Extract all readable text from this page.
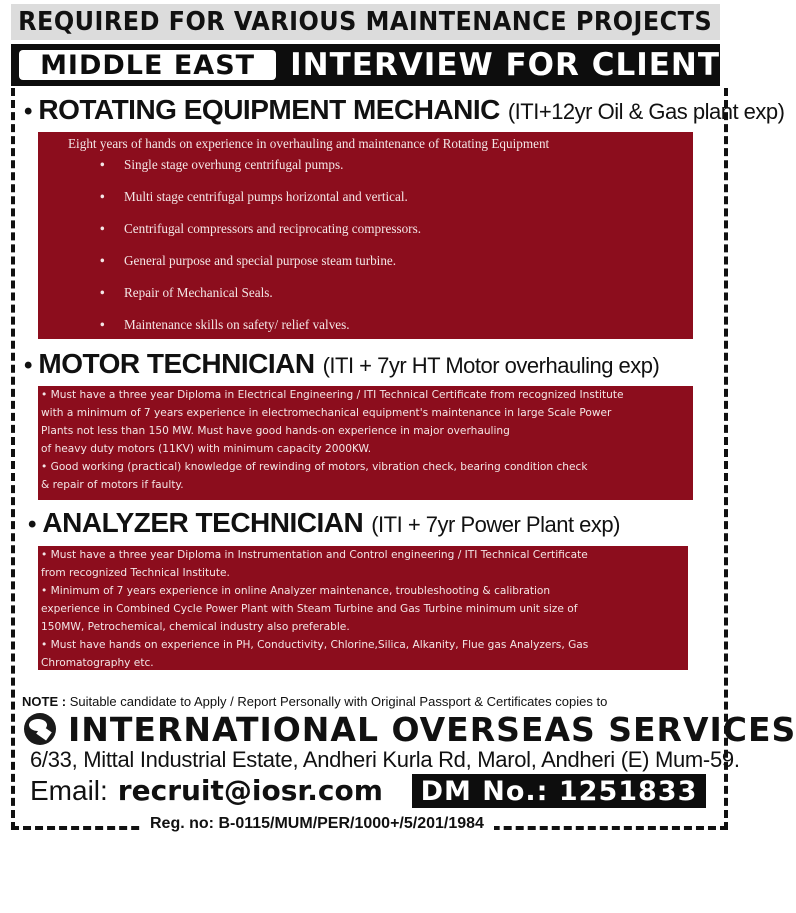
REQUIRED FOR VARIOUS MAINTENANCE PROJECTS
MIDDLE EAST INTERVIEW FOR CLIENT
• ROTATING EQUIPMENT MECHANIC (ITI+12yr Oil & Gas plant exp)
Eight years of hands on experience in overhauling and maintenance of Rotating Equipment
•	Single stage overhung centrifugal pumps.
•	Multi stage centrifugal pumps horizontal and vertical.
•	Centrifugal compressors and reciprocating compressors.
•	General purpose and special purpose steam turbine.
•	Repair of Mechanical Seals.
•	Maintenance skills on safety/ relief valves.
• MOTOR TECHNICIAN (ITI + 7yr HT Motor overhauling exp)
• Must have a three year Diploma in Electrical Engineering / ITI Technical Certificate from recognized Institute
with a minimum of 7 years experience in electromechanical equipment's maintenance in large Scale Power
Plants not less than 150 MW. Must have good hands-on experience in major overhauling
of heavy duty motors (11KV) with minimum capacity 2000KW.
• Good working (practical) knowledge of rewinding of motors, vibration check, bearing condition check
& repair of motors if faulty.
• ANALYZER TECHNICIAN (ITI + 7yr Power Plant exp)
• Must have a three year Diploma in Instrumentation and Control engineering / ITI Technical Certificate
from recognized Technical Institute.
• Minimum of 7 years experience in online Analyzer maintenance, troubleshooting & calibration
experience in Combined Cycle Power Plant with Steam Turbine and Gas Turbine minimum unit size of
150MW, Petrochemical, chemical industry also preferable.
• Must have hands on experience in PH, Conductivity, Chlorine,Silica, Alkanity, Flue gas Analyzers, Gas
Chromatography etc.
NOTE : Suitable candidate to Apply / Report Personally with Original Passport & Certificates copies to
INTERNATIONAL OVERSEAS SERVICES
6/33, Mittal Industrial Estate, Andheri Kurla Rd, Marol, Andheri (E) Mum-59.
Email: recruit@iosr.com DM No.: 1251833
Reg. no: B-0115/MUM/PER/1000+/5/201/1984
